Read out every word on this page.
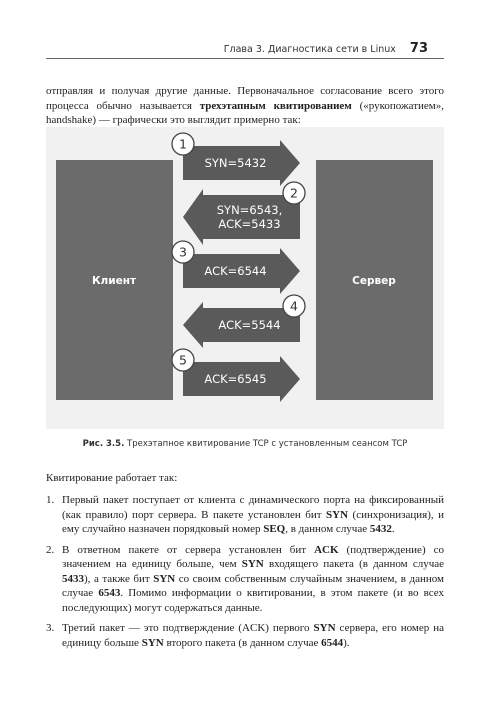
Глава 3. Диагностика сети в Linux 73

отправляя и получая другие данные. Первоначальное согласование всего этого процесса обычно называется трехэтапным квитированием («рукопожатием», handshake) — графически это выглядит примерно так:

Клиент	Сервер
SYN=5432
1
SYN=6543,
ACK=5433
2
ACK=6544
3
ACK=5544
4
ACK=6545
5

Рис. 3.5. Трехэтапное квитирование TCP с установленным сеансом TCP

Квитирование работает так:

1. Первый пакет поступает от клиента с динамического порта на фиксированный (как правило) порт сервера. В пакете установлен бит SYN (синхронизация), и ему случайно назначен порядковый номер SEQ, в данном случае 5432.
2. В ответном пакете от сервера установлен бит ACK (подтверждение) со значением на единицу больше, чем SYN входящего пакета (в данном случае 5433), а также бит SYN со своим собственным случайным значением, в данном случае 6543. Помимо информации о квитировании, в этом пакете (и во всех последующих) могут содержаться данные.
3. Третий пакет — это подтверждение (ACK) первого SYN сервера, его номер на единицу больше SYN второго пакета (в данном случае 6544).
